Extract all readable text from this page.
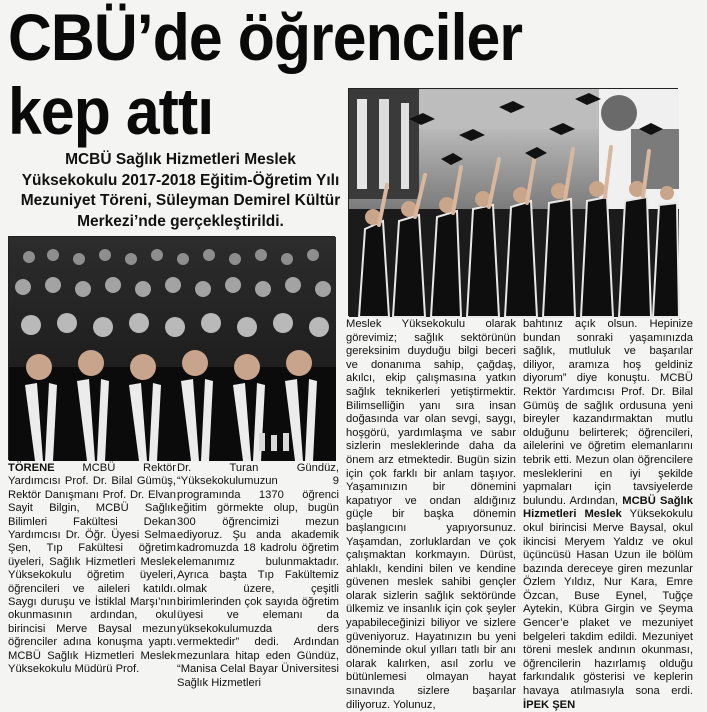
CBÜ’de öğrenciler
kep attı

MCBÜ Sağlık Hizmetleri Meslek Yüksekokulu 2017-2018 Eğitim-Öğretim Yılı Mezuniyet Töreni, Süleyman Demirel Kültür Merkezi’nde gerçekleştirildi.

TÖRENE MCBÜ Rektör Yardımcısı Prof. Dr. Bilal Gümüş, Rektör Danışmanı Prof. Dr. Elvan Sayit Bilgin, MCBÜ Sağlık Bilimleri Fakültesi Dekan Yardımcısı Dr. Öğr. Üyesi Selma Şen, Tıp Fakültesi öğretim üyeleri, Sağlık Hizmetleri Meslek Yüksekokulu öğretim üyeleri, öğrencileri ve aileleri katıldı. Saygı duruşu ve İstiklal Marşı’nın okunmasının ardından, okul birincisi Merve Baysal mezun öğrenciler adına konuşma yaptı. MCBÜ Sağlık Hizmetleri Meslek Yüksekokulu Müdürü Prof.

Dr. Turan Gündüz, “Yüksekokulumuzun 9 programında 1370 öğrenci eğitim görmekte olup, bugün 300 öğrencimizi mezun ediyoruz. Şu anda akademik kadromuzda 18 kadrolu öğretim elemanımız bulunmaktadır. Ayrıca başta Tıp Fakültemiz olmak üzere, çeşitli birimlerinden çok sayıda öğretim üyesi ve elemanı da yüksekokulumuzda ders vermektedir” dedi. Ardından mezunlara hitap eden Gündüz, “Manisa Celal Bayar Üniversitesi Sağlık Hizmetleri

Meslek Yüksekokulu olarak görevimiz; sağlık sektörünün gereksinim duyduğu bilgi beceri ve donanıma sahip, çağdaş, akılcı, ekip çalışmasına yatkın sağlık teknikerleri yetiştirmektir. Bilimselliğin yanı sıra insan doğasında var olan sevgi, saygı, hoşgörü, yardımlaşma ve sabır sizlerin mesleklerinde daha da önem arz etmektedir. Bugün sizin için çok farklı bir anlam taşıyor. Yaşamınızın bir dönemini kapatıyor ve ondan aldığınız güçle bir başka dönemin başlangıcını yapıyorsunuz. Yaşamdan, zorluklardan ve çok çalışmaktan korkmayın. Dürüst, ahlaklı, kendini bilen ve kendine güvenen meslek sahibi gençler olarak sizlerin sağlık sektöründe ülkemiz ve insanlık için çok şeyler yapabileceğinizi biliyor ve sizlere güveniyoruz. Hayatınızın bu yeni döneminde okul yılları tatlı bir anı olarak kalırken, asıl zorlu ve bütünlemesi olmayan hayat sınavında sizlere başarılar diliyoruz. Yolunuz,

bahtınız açık olsun. Hepinize bundan sonraki yaşamınızda sağlık, mutluluk ve başarılar diliyor, aramıza hoş geldiniz diyorum” diye konuştu. MCBÜ Rektör Yardımcısı Prof. Dr. Bilal Gümüş de sağlık ordusuna yeni bireyler kazandırmaktan mutlu olduğunu belirterek; öğrencileri, ailelerini ve öğretim elemanlarını tebrik etti. Mezun olan öğrencilere mesleklerini en iyi şekilde yapmaları için tavsiyelerde bulundu. Ardından, MCBÜ Sağlık Hizmetleri Meslek Yüksekokulu okul birincisi Merve Baysal, okul ikincisi Meryem Yaldız ve okul üçüncüsü Hasan Uzun ile bölüm bazında dereceye giren mezunlar Özlem Yıldız, Nur Kara, Emre Özcan, Buse Eynel, Tuğçe Aytekin, Kübra Girgin ve Şeyma Gencer’e plaket ve mezuniyet belgeleri takdim edildi. Mezuniyet töreni meslek andının okunması, öğrencilerin hazırlamış olduğu farkındalık gösterisi ve keplerin havaya atılmasıyla sona erdi. İPEK ŞEN
